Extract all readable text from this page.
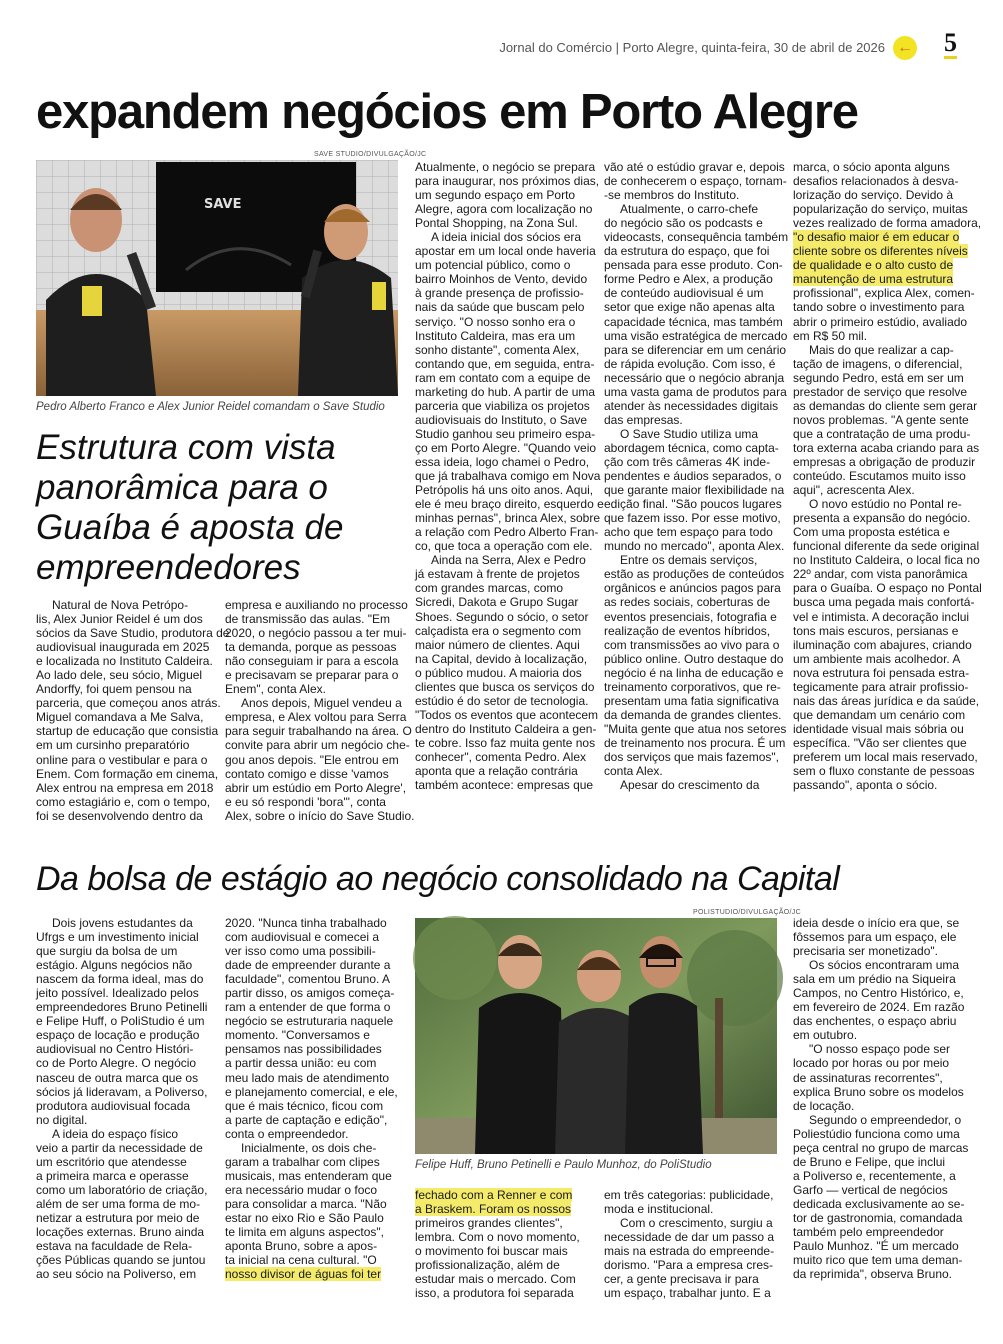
Jornal do Comércio | Porto Alegre, quinta-feira, 30 de abril de 2026 ← 5
expandem negócios em Porto Alegre
SAVE
SAVE STUDIO/DIVULGAÇÃO/JC
Pedro Alberto Franco e Alex Junior Reidel comandam o Save Studio
Estrutura com vista
panorâmica para o
Guaíba é aposta de
empreendedores

Natural de Nova Petrópo-

lis, Alex Junior Reidel é um dos

sócios da Save Studio, produtora de

audiovisual inaugurada em 2025

e localizada no Instituto Caldeira.

Ao lado dele, seu sócio, Miguel

Andorffy, foi quem pensou na

parceria, que começou anos atrás.

Miguel comandava a Me Salva,

startup de educação que consistia

em um cursinho preparatório

online para o vestibular e para o

Enem. Com formação em cinema,

Alex entrou na empresa em 2018

como estagiário e, com o tempo,

foi se desenvolvendo dentro da

empresa e auxiliando no processo

de transmissão das aulas. "Em

2020, o negócio passou a ter mui-

ta demanda, porque as pessoas

não conseguiam ir para a escola

e precisavam se preparar para o

Enem", conta Alex.

Anos depois, Miguel vendeu a

empresa, e Alex voltou para Serra

para seguir trabalhando na área. O

convite para abrir um negócio che-

gou anos depois. "Ele entrou em

contato comigo e disse 'vamos

abrir um estúdio em Porto Alegre',

e eu só respondi 'bora'", conta

Alex, sobre o início do Save Studio.

Atualmente, o negócio se prepara

para inaugurar, nos próximos dias,

um segundo espaço em Porto

Alegre, agora com localização no

Pontal Shopping, na Zona Sul.

A ideia inicial dos sócios era

apostar em um local onde haveria

um potencial público, como o

bairro Moinhos de Vento, devido

à grande presença de profissio-

nais da saúde que buscam pelo

serviço. "O nosso sonho era o

Instituto Caldeira, mas era um

sonho distante", comenta Alex,

contando que, em seguida, entra-

ram em contato com a equipe de

marketing do hub. A partir de uma

parceria que viabiliza os projetos

audiovisuais do Instituto, o Save

Studio ganhou seu primeiro espa-

ço em Porto Alegre. "Quando veio

essa ideia, logo chamei o Pedro,

que já trabalhava comigo em Nova

Petrópolis há uns oito anos. Aqui,

ele é meu braço direito, esquerdo e

minhas pernas", brinca Alex, sobre

a relação com Pedro Alberto Fran-

co, que toca a operação com ele.

Ainda na Serra, Alex e Pedro

já estavam à frente de projetos

com grandes marcas, como

Sicredi, Dakota e Grupo Sugar

Shoes. Segundo o sócio, o setor

calçadista era o segmento com

maior número de clientes. Aqui

na Capital, devido à localização,

o público mudou. A maioria dos

clientes que busca os serviços do

estúdio é do setor de tecnologia.

"Todos os eventos que acontecem

dentro do Instituto Caldeira a gen-

te cobre. Isso faz muita gente nos

conhecer", comenta Pedro. Alex

aponta que a relação contrária

também acontece: empresas que

vão até o estúdio gravar e, depois

de conhecerem o espaço, tornam-

-se membros do Instituto.

Atualmente, o carro-chefe

do negócio são os podcasts e

videocasts, consequência também

da estrutura do espaço, que foi

pensada para esse produto. Con-

forme Pedro e Alex, a produção

de conteúdo audiovisual é um

setor que exige não apenas alta

capacidade técnica, mas também

uma visão estratégica de mercado

para se diferenciar em um cenário

de rápida evolução. Com isso, é

necessário que o negócio abranja

uma vasta gama de produtos para

atender às necessidades digitais

das empresas.

O Save Studio utiliza uma

abordagem técnica, como capta-

ção com três câmeras 4K inde-

pendentes e áudios separados, o

que garante maior flexibilidade na

edição final. "São poucos lugares

que fazem isso. Por esse motivo,

acho que tem espaço para todo

mundo no mercado", aponta Alex.

Entre os demais serviços,

estão as produções de conteúdos

orgânicos e anúncios pagos para

as redes sociais, coberturas de

eventos presenciais, fotografia e

realização de eventos híbridos,

com transmissões ao vivo para o

público online. Outro destaque do

negócio é na linha de educação e

treinamento corporativos, que re-

presentam uma fatia significativa

da demanda de grandes clientes.

"Muita gente que atua nos setores

de treinamento nos procura. É um

dos serviços que mais fazemos",

conta Alex.

Apesar do crescimento da

marca, o sócio aponta alguns

desafios relacionados à desva-

lorização do serviço. Devido à

popularização do serviço, muitas

vezes realizado de forma amadora,

"o desafio maior é em educar o

cliente sobre os diferentes níveis

de qualidade e o alto custo de

manutenção de uma estrutura

profissional", explica Alex, comen-

tando sobre o investimento para

abrir o primeiro estúdio, avaliado

em R$ 50 mil.

Mais do que realizar a cap-

tação de imagens, o diferencial,

segundo Pedro, está em ser um

prestador de serviço que resolve

as demandas do cliente sem gerar

novos problemas. "A gente sente

que a contratação de uma produ-

tora externa acaba criando para as

empresas a obrigação de produzir

conteúdo. Escutamos muito isso

aqui", acrescenta Alex.

O novo estúdio no Pontal re-

presenta a expansão do negócio.

Com uma proposta estética e

funcional diferente da sede original

no Instituto Caldeira, o local fica no

22º andar, com vista panorâmica

para o Guaíba. O espaço no Pontal

busca uma pegada mais confortá-

vel e intimista. A decoração inclui

tons mais escuros, persianas e

iluminação com abajures, criando

um ambiente mais acolhedor. A

nova estrutura foi pensada estra-

tegicamente para atrair profissio-

nais das áreas jurídica e da saúde,

que demandam um cenário com

identidade visual mais sóbria ou

específica. "Vão ser clientes que

preferem um local mais reservado,

sem o fluxo constante de pessoas

passando", aponta o sócio.

Da bolsa de estágio ao negócio consolidado na Capital
POLISTUDIO/DIVULGAÇÃO/JC
Felipe Huff, Bruno Petinelli e Paulo Munhoz, do PoliStudio

Dois jovens estudantes da

Ufrgs e um investimento inicial

que surgiu da bolsa de um

estágio. Alguns negócios não

nascem da forma ideal, mas do

jeito possível. Idealizado pelos

empreendedores Bruno Petinelli

e Felipe Huff, o PoliStudio é um

espaço de locação e produção

audiovisual no Centro Históri-

co de Porto Alegre. O negócio

nasceu de outra marca que os

sócios já lideravam, a Poliverso,

produtora audiovisual focada

no digital.

A ideia do espaço físico

veio a partir da necessidade de

um escritório que atendesse

a primeira marca e operasse

como um laboratório de criação,

além de ser uma forma de mo-

netizar a estrutura por meio de

locações externas. Bruno ainda

estava na faculdade de Rela-

ções Públicas quando se juntou

ao seu sócio na Poliverso, em

2020. "Nunca tinha trabalhado

com audiovisual e comecei a

ver isso como uma possibili-

dade de empreender durante a

faculdade", comentou Bruno. A

partir disso, os amigos começa-

ram a entender de que forma o

negócio se estruturaria naquele

momento. "Conversamos e

pensamos nas possibilidades

a partir dessa união: eu com

meu lado mais de atendimento

e planejamento comercial, e ele,

que é mais técnico, ficou com

a parte de captação e edição",

conta o empreendedor.

Inicialmente, os dois che-

garam a trabalhar com clipes

musicais, mas entenderam que

era necessário mudar o foco

para consolidar a marca. "Não

estar no eixo Rio e São Paulo

te limita em alguns aspectos",

aponta Bruno, sobre a apos-

ta inicial na cena cultural. "O

nosso divisor de águas foi ter

fechado com a Renner e com

a Braskem. Foram os nossos

primeiros grandes clientes",

lembra. Com o novo momento,

o movimento foi buscar mais

profissionalização, além de

estudar mais o mercado. Com

isso, a produtora foi separada

em três categorias: publicidade,

moda e institucional.

Com o crescimento, surgiu a

necessidade de dar um passo a

mais na estrada do empreende-

dorismo. "Para a empresa cres-

cer, a gente precisava ir para

um espaço, trabalhar junto. E a

ideia desde o início era que, se

fôssemos para um espaço, ele

precisaria ser monetizado".

Os sócios encontraram uma

sala em um prédio na Siqueira

Campos, no Centro Histórico, e,

em fevereiro de 2024. Em razão

das enchentes, o espaço abriu

em outubro.

"O nosso espaço pode ser

locado por horas ou por meio

de assinaturas recorrentes",

explica Bruno sobre os modelos

de locação.

Segundo o empreendedor, o

Poliestúdio funciona como uma

peça central no grupo de marcas

de Bruno e Felipe, que inclui

a Poliverso e, recentemente, a

Garfo — vertical de negócios

dedicada exclusivamente ao se-

tor de gastronomia, comandada

também pelo empreendedor

Paulo Munhoz. "É um mercado

muito rico que tem uma deman-

da reprimida", observa Bruno.
